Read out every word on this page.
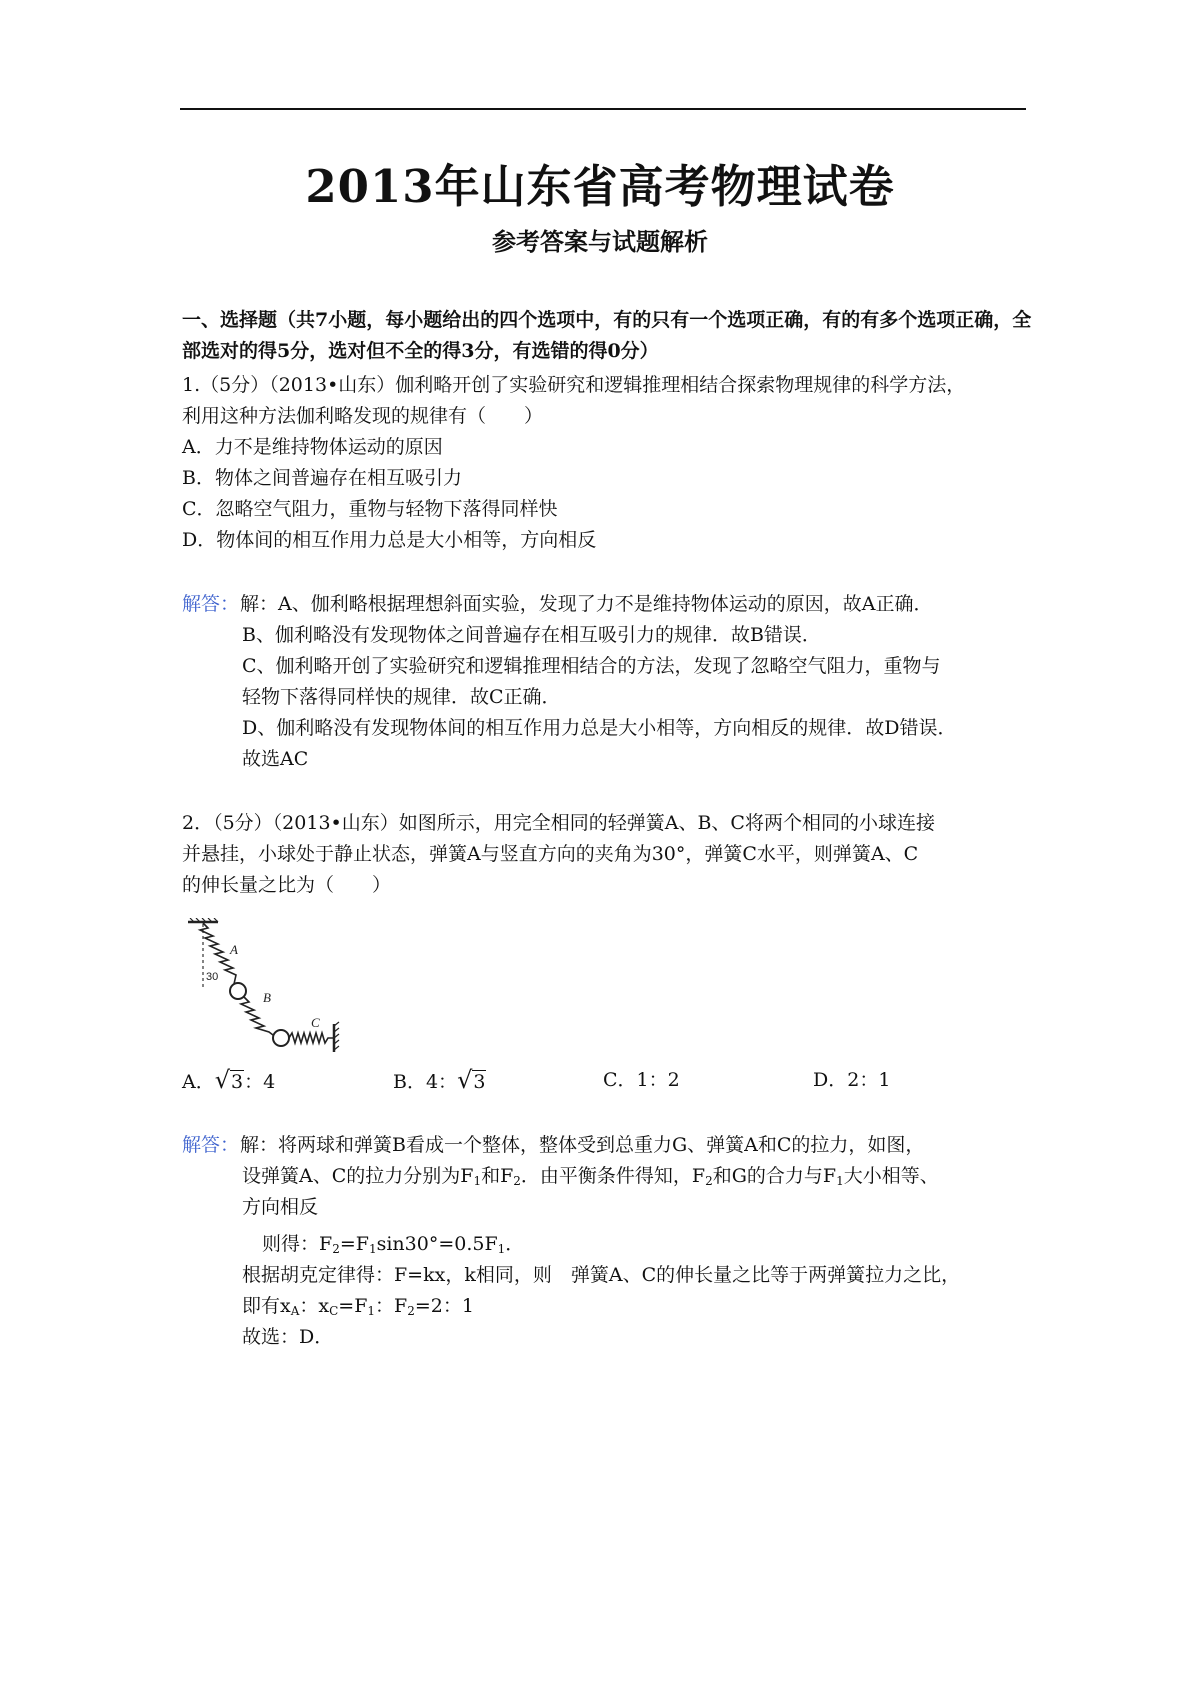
2013年山东省高考物理试卷
参考答案与试题解析
一、选择题（共7小题，每小题给出的四个选项中，有的只有一个选项正确，有的有多个选项正确，全部选对的得5分，选对但不全的得3分，有选错的得0分）
1.（5分）（2013•山东）伽利略开创了实验研究和逻辑推理相结合探索物理规律的科学方法，
利用这种方法伽利略发现的规律有（　　）
A．力不是维持物体运动的原因
B．物体之间普遍存在相互吸引力
C．忽略空气阻力，重物与轻物下落得同样快
D．物体间的相互作用力总是大小相等，方向相反
解答： 解：A、伽利略根据理想斜面实验，发现了力不是维持物体运动的原因，故A正确．
B、伽利略没有发现物体之间普遍存在相互吸引力的规律．故B错误．
C、伽利略开创了实验研究和逻辑推理相结合的方法，发现了忽略空气阻力，重物与
轻物下落得同样快的规律．故C正确．
D、伽利略没有发现物体间的相互作用力总是大小相等，方向相反的规律．故D错误．
故选AC
2．（5分）（2013•山东）如图所示，用完全相同的轻弹簧A、B、C将两个相同的小球连接
并悬挂，小球处于静止状态，弹簧A与竖直方向的夹角为30°，弹簧C水平，则弹簧A、C
的伸长量之比为（　　）
A
30
B
C
A．√3：4	B．4：√3	C．1：2	D．2：1
解答： 解：将两球和弹簧B看成一个整体，整体受到总重力G、弹簧A和C的拉力，如图，
设弹簧A、C的拉力分别为$F_1$和$F_2$．由平衡条件得知，$F_2$和G的合力与$F_1$大小相等、
方向相反
则得：$F_2=F_1\sin 30^\circ=0.5F_1$．
根据胡克定律得：F=kx，k相同，则　弹簧A、C的伸长量之比等于两弹簧拉力之比，
即有$x_A$：$x_C=F_1$：$F_2=2$：1
故选：D．
